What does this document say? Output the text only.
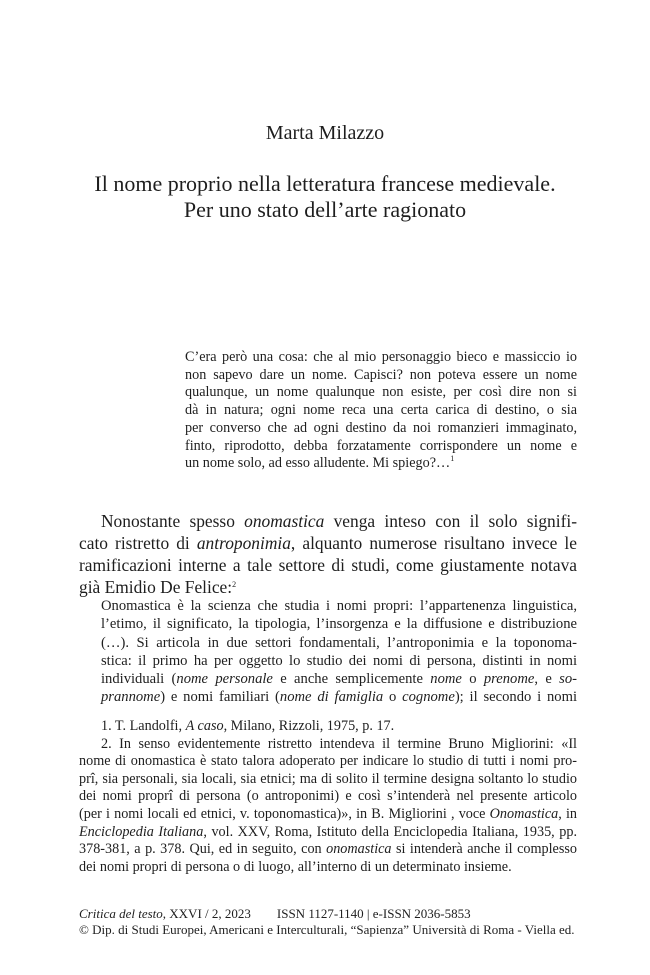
Marta Milazzo
Il nome proprio nella letteratura francese medievale.
Per uno stato dell’arte ragionato
C’era però una cosa: che al mio personaggio bieco e massiccio io
non sapevo dare un nome. Capisci? non poteva essere un nome
qualunque, un nome qualunque non esiste, per così dire non si
dà in natura; ogni nome reca una certa carica di destino, o sia
per converso che ad ogni destino da noi romanzieri immaginato,
finto, riprodotto, debba forzatamente corrispondere un nome e
un nome solo, ad esso alludente. Mi spiego?…$^1$
Nonostante spesso onomastica venga inteso con il solo signifi-
cato ristretto di antroponimia, alquanto numerose risultano invece le
ramificazioni interne a tale settore di studi, come giustamente notava
già Emidio De Felice:$^2$
Onomastica è la scienza che studia i nomi propri: l’appartenenza linguistica,
l’etimo, il significato, la tipologia, l’insorgenza e la diffusione e distribuzione
(…). Si articola in due settori fondamentali, l’antroponimia e la toponoma-
stica: il primo ha per oggetto lo studio dei nomi di persona, distinti in nomi
individuali (nome personale e anche semplicemente nome o prenome, e so-
prannome) e nomi familiari (nome di famiglia o cognome); il secondo i nomi
1. T. Landolfi, A caso, Milano, Rizzoli, 1975, p. 17.
2. In senso evidentemente ristretto intendeva il termine Bruno Migliorini: «Il
nome di onomastica è stato talora adoperato per indicare lo studio di tutti i nomi pro-
prî, sia personali, sia locali, sia etnici; ma di solito il termine designa soltanto lo studio
dei nomi proprî di persona (o antroponimi) e così s’intenderà nel presente articolo
(per i nomi locali ed etnici, v. toponomastica)», in B. Migliorini , voce Onomastica, in
Enciclopedia Italiana, vol. XXV, Roma, Istituto della Enciclopedia Italiana, 1935, pp.
378-381, a p. 378. Qui, ed in seguito, con onomastica si intenderà anche il complesso
dei nomi propri di persona o di luogo, all’interno di un determinato insieme.
Critica del testo, XXVI / 2, 2023 ISSN 1127-1140 | e-ISSN 2036-5853
© Dip. di Studi Europei, Americani e Interculturali, “Sapienza” Università di Roma - Viella ed.
